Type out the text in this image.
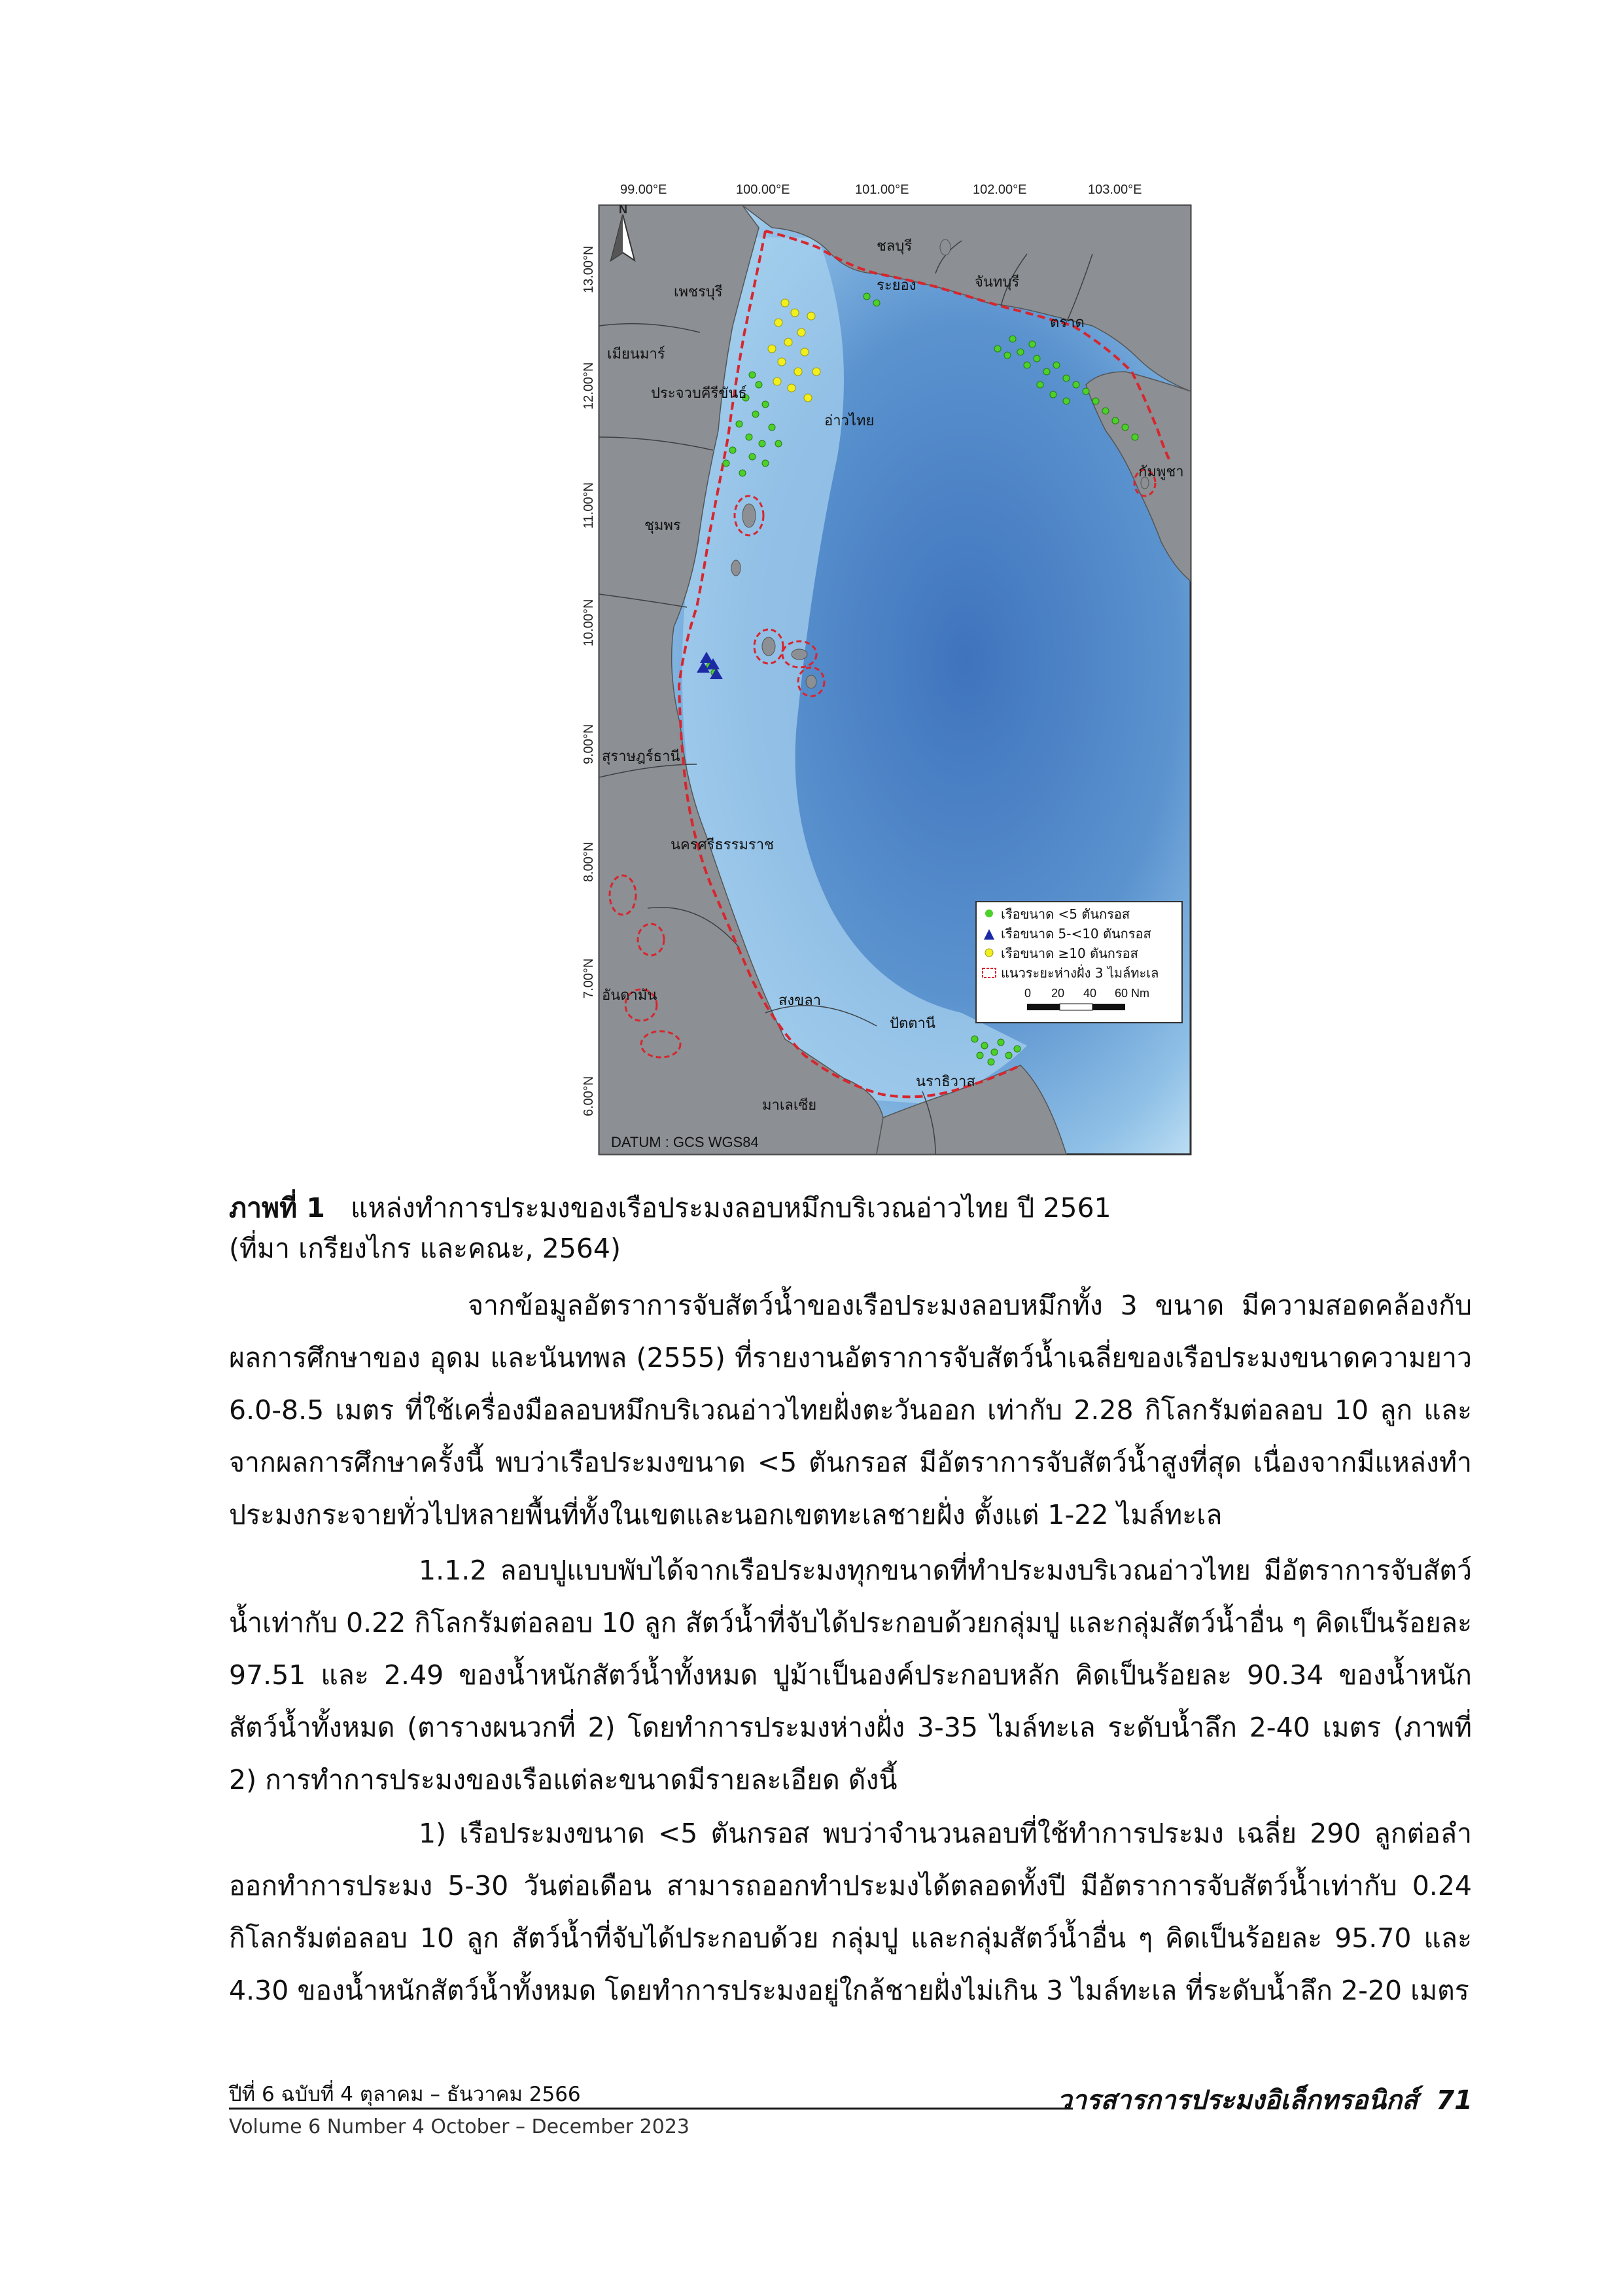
99.00°E	100.00°E	101.00°E	102.00°E	103.00°E
13.00°N
12.00°N
11.00°N
10.00°N
9.00°N
8.00°N
7.00°N
6.00°N
N
เพชรบุรี
ชลบุรี
ระยอง	จันทบุรี
ตราด
เมียนมาร์
ประจวบคีรีขันธ์
อ่าวไทย
กัมพูชา
ชุมพร
สุราษฎร์ธานี
นครศรีธรรมราช
อันดามัน	สงขลา
ปัตตานี
นราธิวาส
มาเลเซีย
เรือขนาด <5 ตันกรอส
เรือขนาด 5-<10 ตันกรอส
เรือขนาด ≥10 ตันกรอส
แนวระยะห่างฝั่ง 3 ไมล์ทะเล
0 20 40 60 Nm
DATUM : GCS WGS84
ภาพที่ 1 แหล่งทำการประมงของเรือประมงลอบหมึกบริเวณอ่าวไทย ปี 2561
(ที่มา เกรียงไกร และคณะ, 2564)
จากข้อมูลอัตราการจับสัตว์น้ำของเรือประมงลอบหมึกทั้ง 3 ขนาด มีความสอดคล้องกับผลการศึกษาของ อุดม และนันทพล (2555) ที่รายงานอัตราการจับสัตว์น้ำเฉลี่ยของเรือประมงขนาดความยาว 6.0-8.5 เมตร ที่ใช้เครื่องมือลอบหมึกบริเวณอ่าวไทยฝั่งตะวันออก เท่ากับ 2.28 กิโลกรัมต่อลอบ 10 ลูก และจากผลการศึกษาครั้งนี้ พบว่าเรือประมงขนาด <5 ตันกรอส มีอัตราการจับสัตว์น้ำสูงที่สุด เนื่องจากมีแหล่งทำประมงกระจายทั่วไปหลายพื้นที่ทั้งในเขตและนอกเขตทะเลชายฝั่ง ตั้งแต่ 1-22 ไมล์ทะเล
1.1.2 ลอบปูแบบพับได้จากเรือประมงทุกขนาดที่ทำประมงบริเวณอ่าวไทย มีอัตราการจับสัตว์น้ำเท่ากับ 0.22 กิโลกรัมต่อลอบ 10 ลูก สัตว์น้ำที่จับได้ประกอบด้วยกลุ่มปู และกลุ่มสัตว์น้ำอื่น ๆ คิดเป็นร้อยละ 97.51 และ 2.49 ของน้ำหนักสัตว์น้ำทั้งหมด ปูม้าเป็นองค์ประกอบหลัก คิดเป็นร้อยละ 90.34 ของน้ำหนักสัตว์น้ำทั้งหมด (ตารางผนวกที่ 2) โดยทำการประมงห่างฝั่ง 3-35 ไมล์ทะเล ระดับน้ำลึก 2-40 เมตร (ภาพที่ 2) การทำการประมงของเรือแต่ละขนาดมีรายละเอียด ดังนี้
1) เรือประมงขนาด <5 ตันกรอส พบว่าจำนวนลอบที่ใช้ทำการประมง เฉลี่ย 290 ลูกต่อลำ ออกทำการประมง 5-30 วันต่อเดือน สามารถออกทำประมงได้ตลอดทั้งปี มีอัตราการจับสัตว์น้ำเท่ากับ 0.24 กิโลกรัมต่อลอบ 10 ลูก สัตว์น้ำที่จับได้ประกอบด้วย กลุ่มปู และกลุ่มสัตว์น้ำอื่น ๆ คิดเป็นร้อยละ 95.70 และ 4.30 ของน้ำหนักสัตว์น้ำทั้งหมด โดยทำการประมงอยู่ใกล้ชายฝั่งไม่เกิน 3 ไมล์ทะเล ที่ระดับน้ำลึก 2-20 เมตร
ปีที่ 6 ฉบับที่ 4 ตุลาคม – ธันวาคม 2566
Volume 6 Number 4 October – December 2023
วารสารการประมงอิเล็กทรอนิกส์ 71
